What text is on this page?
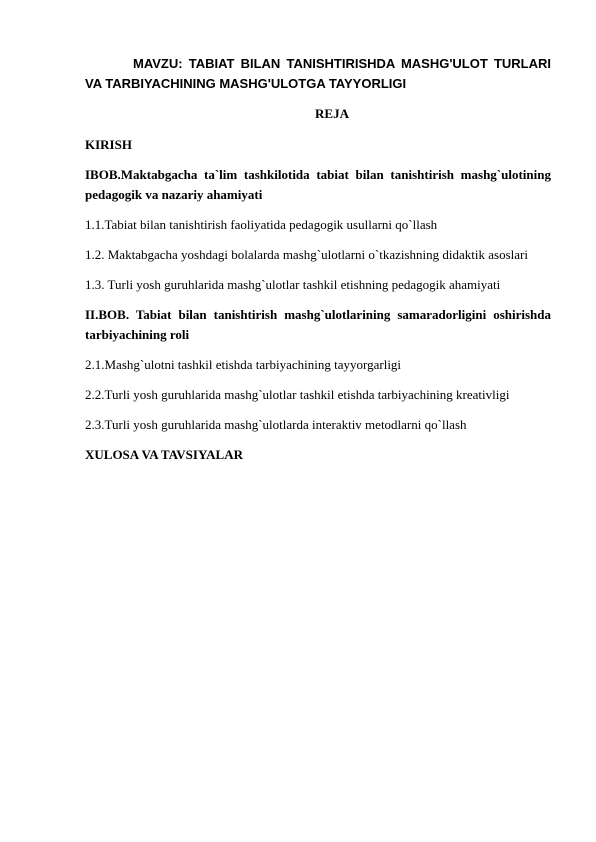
MAVZU: TABIAT BILAN TANISHTIRISHDA MASHG'ULOT TURLARI VA TARBIYACHINING MASHG'ULOTGA TAYYORLIGI

REJA

KIRISH

IBOB.Maktabgacha ta`lim tashkilotida tabiat bilan tanishtirish mashg`ulotining pedagogik va nazariy ahamiyati

1.1.Tabiat bilan tanishtirish faoliyatida pedagogik usullarni qo`llash

1.2. Maktabgacha yoshdagi bolalarda mashg`ulotlarni o`tkazishning didaktik asoslari

1.3. Turli yosh guruhlarida mashg`ulotlar tashkil etishning pedagogik ahamiyati

II.BOB. Tabiat bilan tanishtirish mashg`ulotlarining samaradorligini oshirishda tarbiyachining roli

2.1.Mashg`ulotni tashkil etishda tarbiyachining tayyorgarligi

2.2.Turli yosh guruhlarida mashg`ulotlar tashkil etishda tarbiyachining kreativligi

2.3.Turli yosh guruhlarida mashg`ulotlarda interaktiv metodlarni qo`llash

XULOSA VA TAVSIYALAR
